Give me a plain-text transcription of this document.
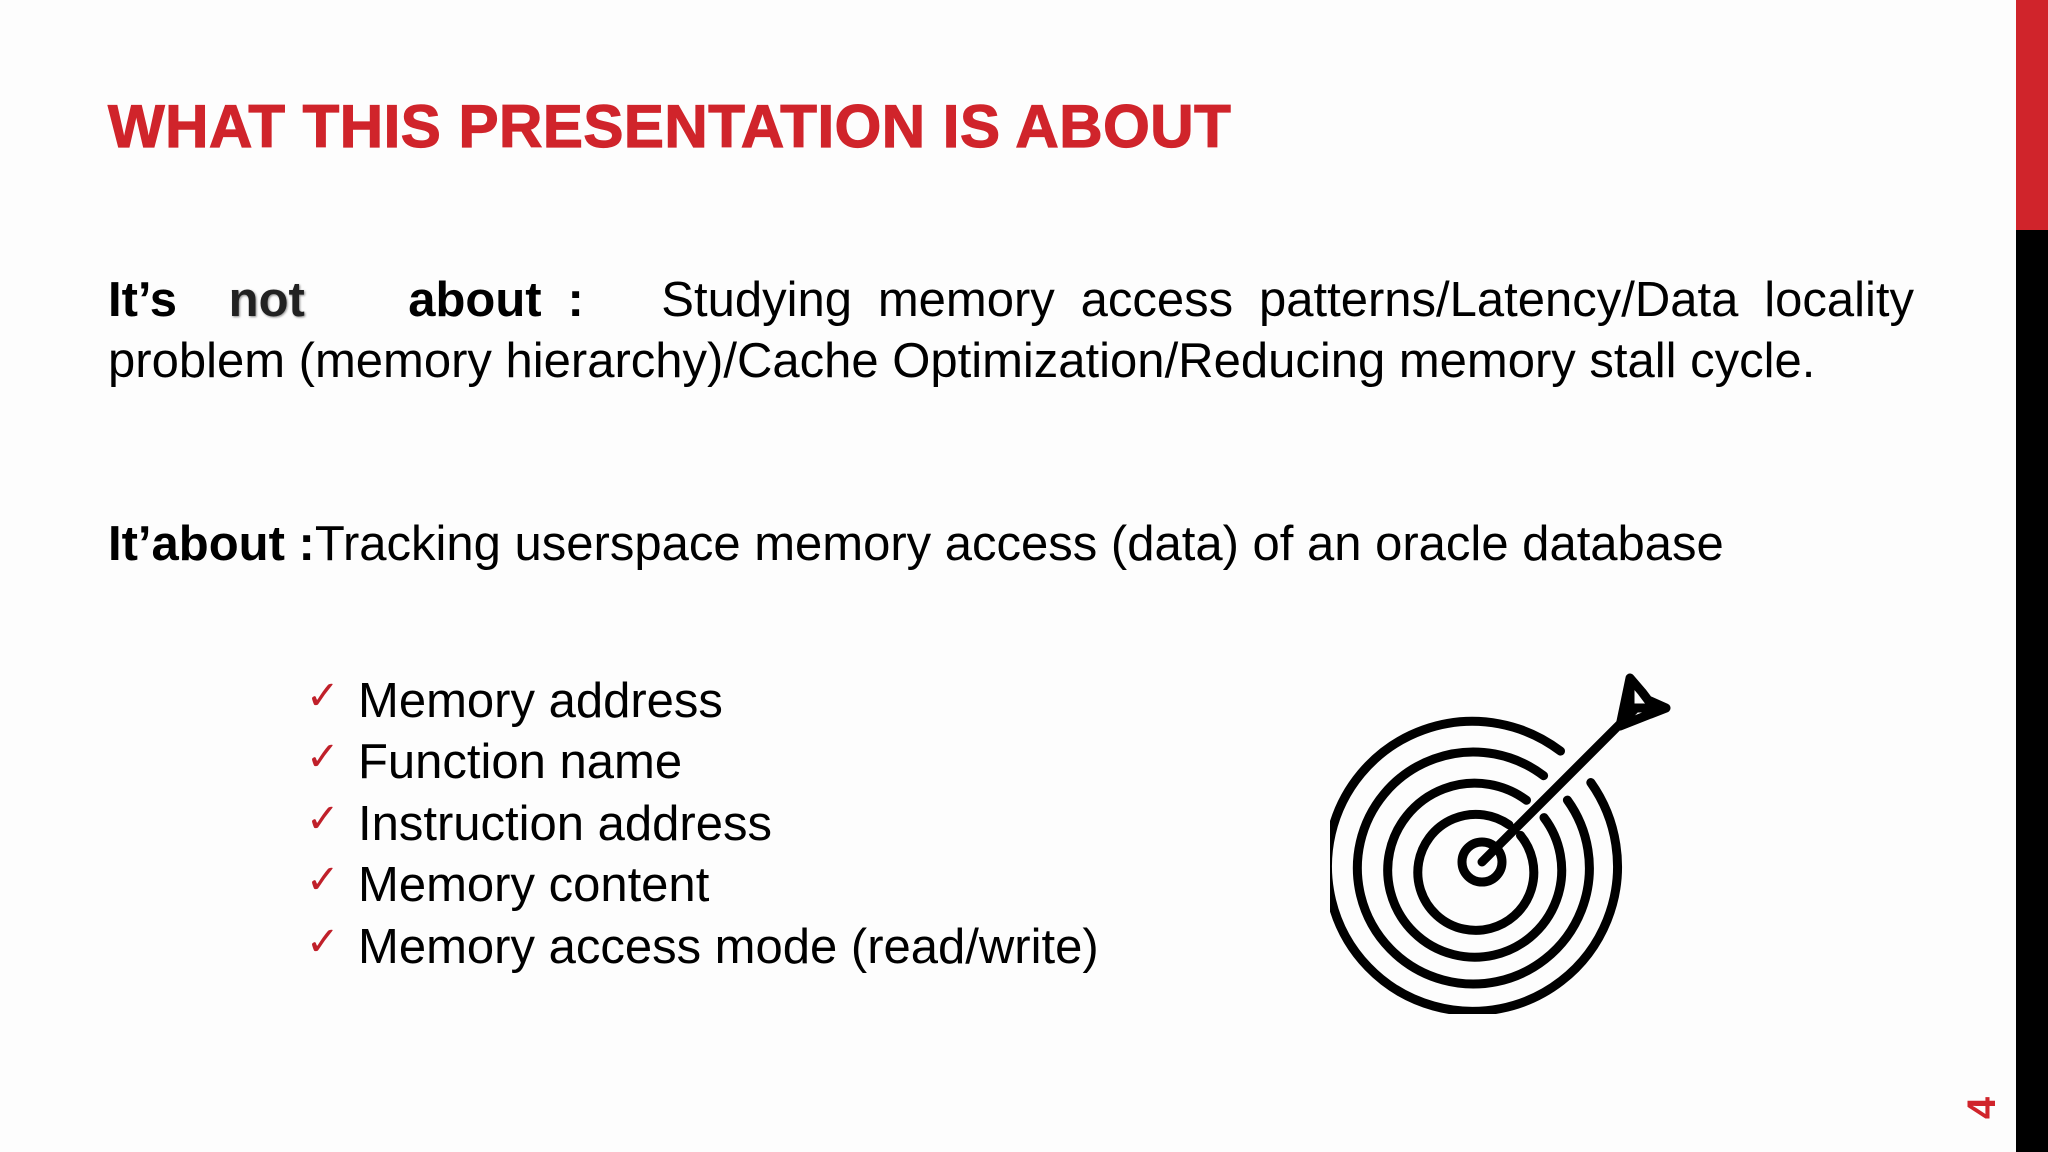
4
WHAT THIS PRESENTATION IS ABOUT

It’s not about : Studying memory access patterns/Latency/Data locality problem (memory hierarchy)/Cache Optimization/Reducing memory stall cycle.

It’about :Tracking userspace memory access (data) of an oracle database

✓ Memory address
✓ Function name
✓ Instruction address
✓ Memory content
✓ Memory access mode (read/write)
